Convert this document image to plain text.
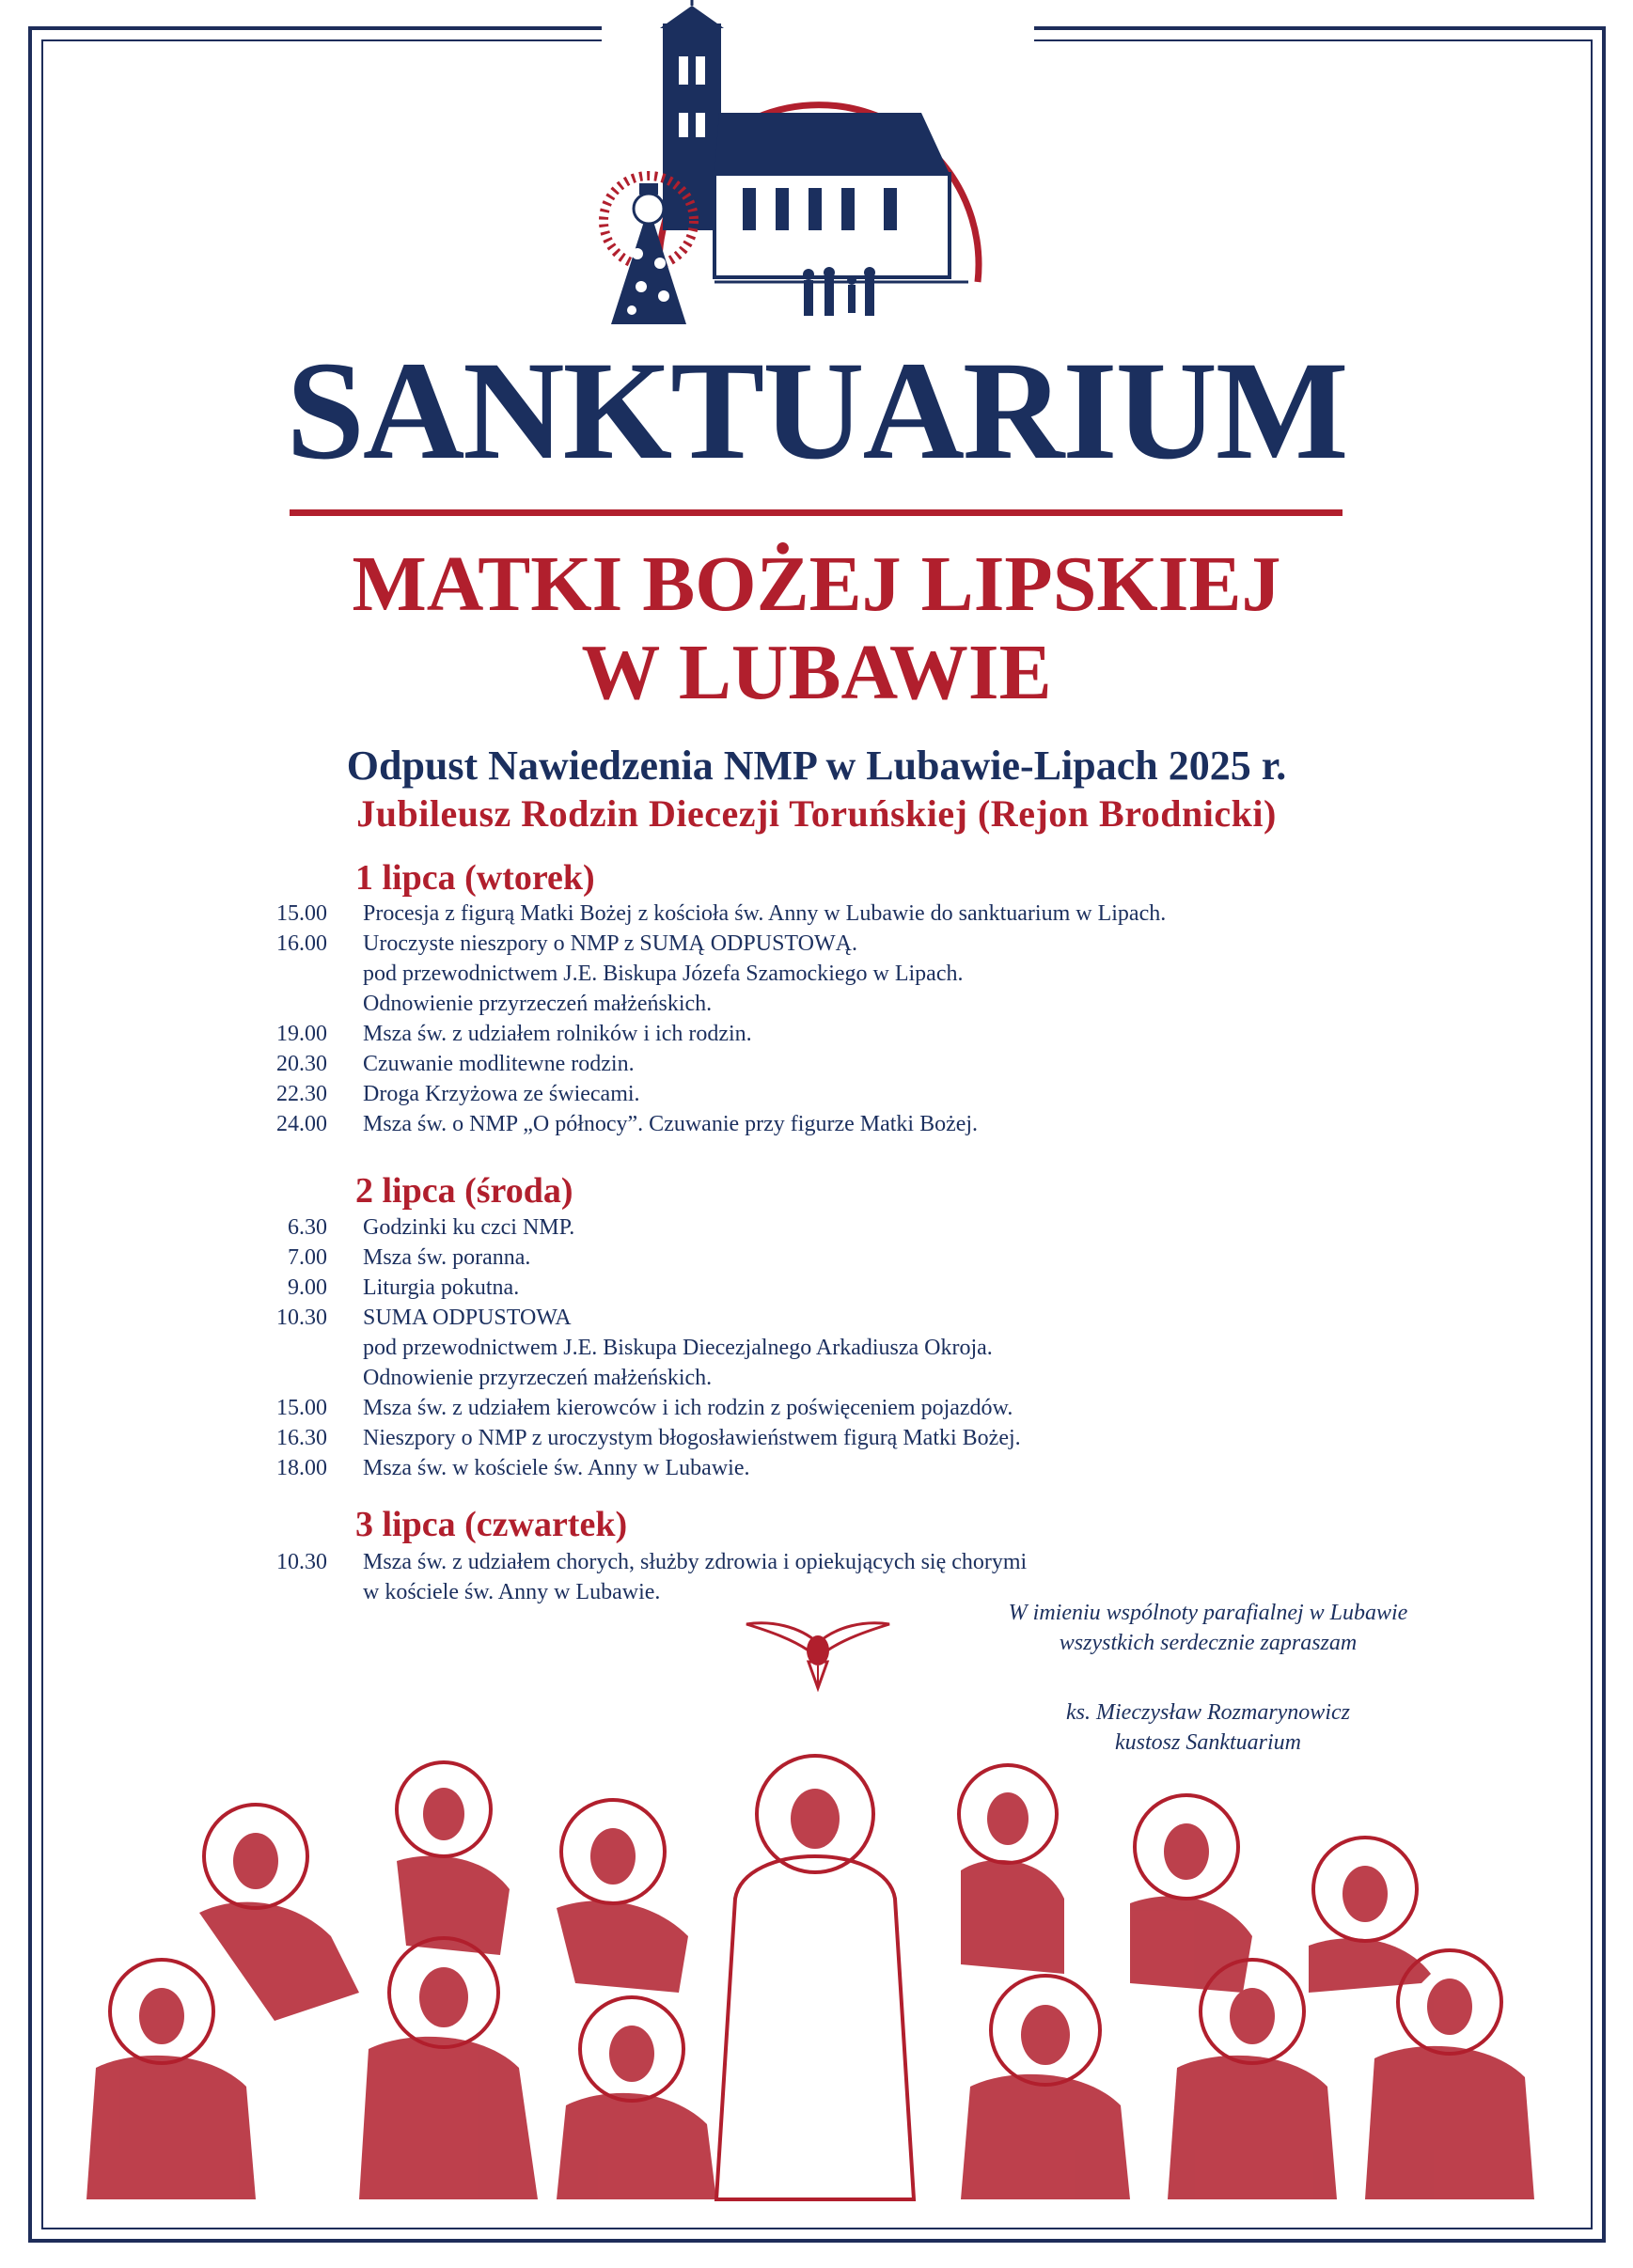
SANKTUARIUM
MATKI BOŻEJ LIPSKIEJ
W LUBAWIE
Odpust Nawiedzenia NMP w Lubawie-Lipach 2025 r.
Jubileusz Rodzin Diecezji Toruńskiej (Rejon Brodnicki)
1 lipca (wtorek)
15.00 Procesja z figurą Matki Bożej z kościoła św. Anny w Lubawie do sanktuarium w Lipach.
16.00 Uroczyste nieszpory o NMP z SUMĄ ODPUSTOWĄ.
pod przewodnictwem J.E. Biskupa Józefa Szamockiego w Lipach.
Odnowienie przyrzeczeń małżeńskich.
19.00 Msza św. z udziałem rolników i ich rodzin.
20.30 Czuwanie modlitewne rodzin.
22.30 Droga Krzyżowa ze świecami.
24.00 Msza św. o NMP „O północy”. Czuwanie przy figurze Matki Bożej.
2 lipca (środa)
6.30 Godzinki ku czci NMP.
7.00 Msza św. poranna.
9.00 Liturgia pokutna.
10.30 SUMA ODPUSTOWA
pod przewodnictwem J.E. Biskupa Diecezjalnego Arkadiusza Okroja.
Odnowienie przyrzeczeń małżeńskich.
15.00 Msza św. z udziałem kierowców i ich rodzin z poświęceniem pojazdów.
16.30 Nieszpory o NMP z uroczystym błogosławieństwem figurą Matki Bożej.
18.00 Msza św. w kościele św. Anny w Lubawie.
3 lipca (czwartek)
10.30 Msza św. z udziałem chorych, służby zdrowia i opiekujących się chorymi
w kościele św. Anny w Lubawie.
W imieniu wspólnoty parafialnej w Lubawie
wszystkich serdecznie zapraszam
ks. Mieczysław Rozmarynowicz
kustosz Sanktuarium
